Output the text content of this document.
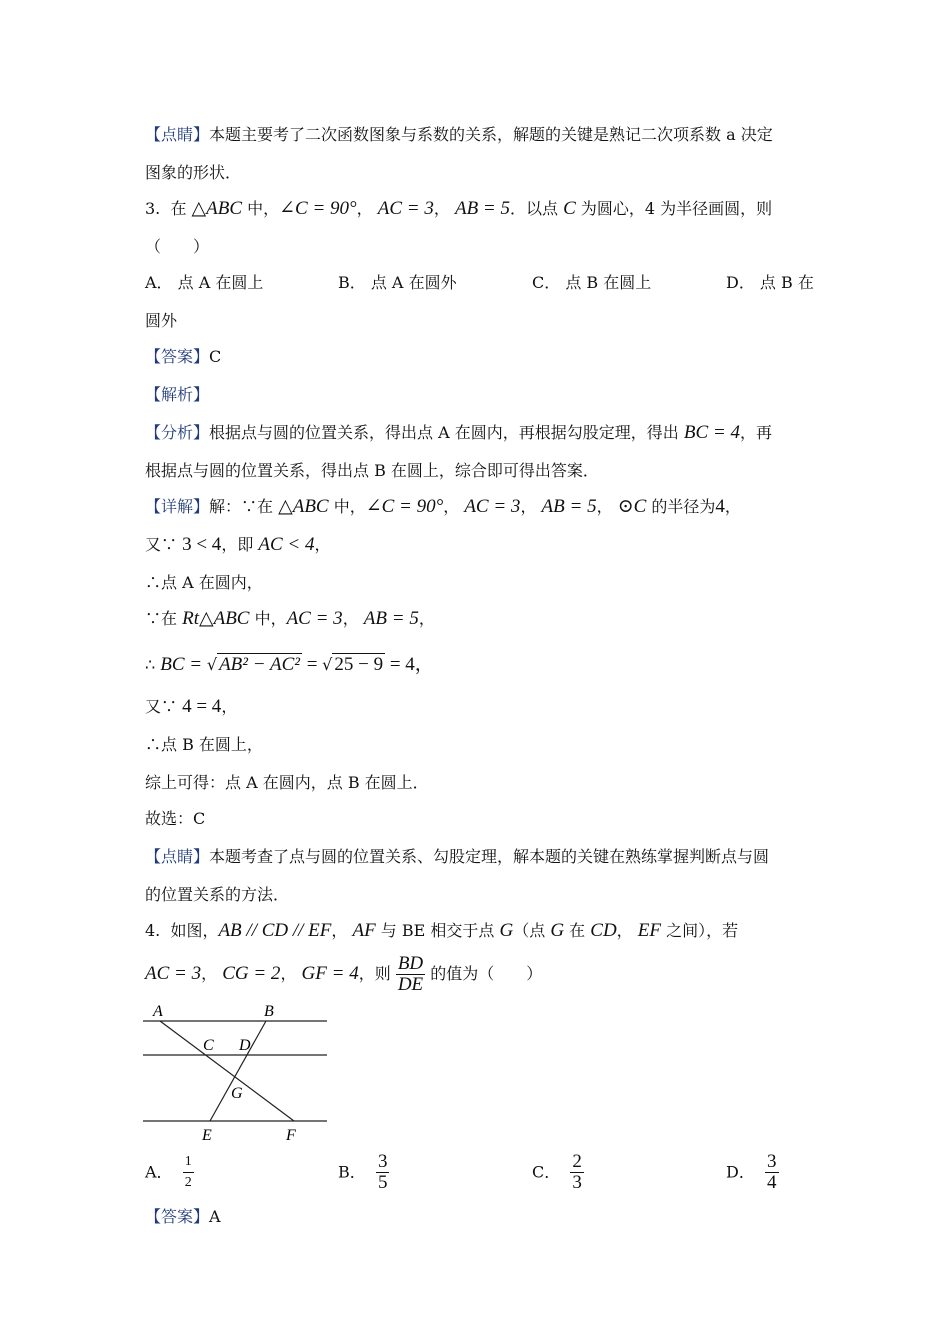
【点睛】本题主要考了二次函数图象与系数的关系，解题的关键是熟记二次项系数 a 决定
图象的形状．
3. 在 △ABC 中，∠C = 90°， AC = 3， AB = 5．以点 C 为圆心，4 为半径画圆，则
（　　）
A． 点 A 在圆上	B． 点 A 在圆外	C． 点 B 在圆上	D． 点 B 在
圆外
【答案】C
【解析】
【分析】根据点与圆的位置关系，得出点 A 在圆内，再根据勾股定理，得出 BC = 4，再
根据点与圆的位置关系，得出点 B 在圆上，综合即可得出答案．
【详解】解：∵在 △ABC 中，∠C = 90°， AC = 3， AB = 5， ⊙C 的半径为4，
又∵ 3 < 4，即 AC < 4，
∴点 A 在圆内，
∵在 Rt△ABC 中，AC = 3， AB = 5，
∴ BC = √ AB² − AC² = √ 25 − 9 = 4，
又∵ 4 = 4，
∴点 B 在圆上，
综上可得：点 A 在圆内，点 B 在圆上．
故选：C
【点睛】本题考查了点与圆的位置关系、勾股定理，解本题的关键在熟练掌握判断点与圆
的位置关系的方法．
4. 如图，AB // CD // EF， AF 与 BE 相交于点 G（点 G 在 CD， EF 之间），若
AC = 3， CG = 2， GF = 4，则 $\frac{BD}{DE}$ 的值为（　　）
A	B
C D
G
E	F
A． $\frac{1}{2}$	B． $\frac{3}{5}$	C． $\frac{2}{3}$	D． $\frac{3}{4}$
【答案】A
